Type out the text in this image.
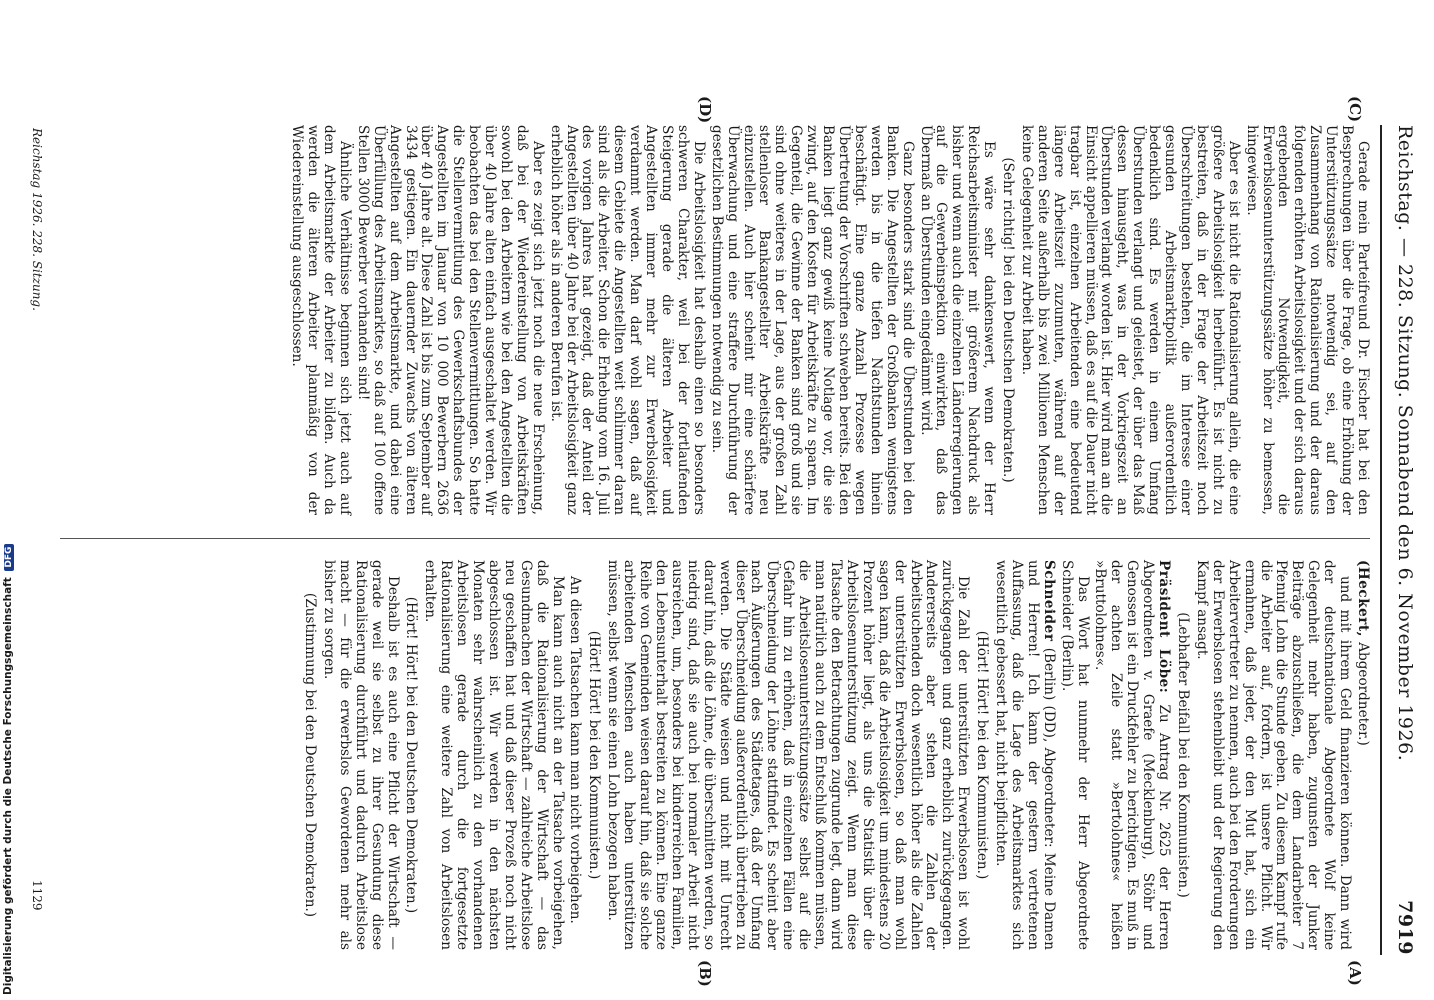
Reichstag. — 228. Sitzung. Sonnabend den 6. November 1926.
7919
(A)
(B)
(C)
(D)

(Heckert, Abgeordneter.)

und mit ihrem Geld finanzieren können. Dann wird der deutschnationale Abgeordnete Wolf keine Gelegenheit mehr haben, zugunsten der Junker Beiträge abzuschließen, die dem Landarbeiter 7 Pfennig Lohn die Stunde geben. Zu diesem Kampf rufe die Arbeiter auf, fordern, ist unsere Pflicht. Wir ermahnen, daß jeder, der den Mut hat, sich ein Arbeitervertreter zu nennen, auch bei den Forderungen der Erwerbslosen stehenbleibt und der Regierung den Kampf ansagt.

(Lebhafter Beifall bei den Kommunisten.)

Präsident Löbe: Zu Antrag Nr. 2625 der Herren Abgeordneten v. Graefe (Mecklenburg), Stöhr und Genossen ist ein Druckfehler zu berichtigen. Es muß in der achten Zeile statt »Bertolohnes« heißen »Bruttolohnes«.

Das Wort hat nunmehr der Herr Abgeordnete Schneider (Berlin).

Schneider (Berlin) (DD), Abgeordneter: Meine Damen und Herren! Ich kann der gestern vertretenen Auffassung, daß die Lage des Arbeitsmarktes sich wesentlich gebessert hat, nicht beipflichten.

(Hört! Hört! bei den Kommunisten.)

Die Zahl der unterstützten Erwerbslosen ist wohl zurückgegangen und ganz erheblich zurückgegangen. Andererseits aber stehen die Zahlen der Arbeitsuchenden doch wesentlich höher als die Zahlen der unterstützten Erwerbslosen, so daß man wohl sagen kann, daß die Arbeitslosigkeit um mindestens 20 Prozent höher liegt, als uns die Statistik über die Arbeitslosenunterstützung zeigt. Wenn man diese Tatsache den Betrachtungen zugrunde legt, dann wird man natürlich auch zu dem Entschluß kommen müssen, die Arbeitslosenunterstützungssätze selbst auf die Gefahr hin zu erhöhen, daß in einzelnen Fällen eine Überschneidung der Löhne stattfindet. Es scheint aber nach Äußerungen des Städtetages, daß der Umfang dieser Überschneidung außerordentlich übertrieben zu werden. Die Städte weisen und nicht mit Unrecht darauf hin, daß die Löhne, die überschnitten werden, so niedrig sind, daß sie auch bei normaler Arbeit nicht ausreichen, um, besonders bei kinderreichen Familien, den Lebensunterhalt bestreiten zu können. Eine ganze Reihe von Gemeinden weisen darauf hin, daß sie solche arbeitenden Menschen auch haben unterstützen müssen, selbst wenn sie einen Lohn bezogen haben.

(Hört! Hört! bei den Kommunisten.)

An diesen Tatsachen kann man nicht vorbeigehen.

Man kann auch nicht an der Tatsache vorbeigehen, daß die Rationalisierung der Wirtschaft — das Gesundmachen der Wirtschaft — zahlreiche Arbeitslose neu geschaffen hat und daß dieser Prozeß noch nicht abgeschlossen ist. Wir werden in den nächsten Monaten sehr wahrscheinlich zu den vorhandenen Arbeitslosen gerade durch die fortgesetzte Rationalisierung eine weitere Zahl von Arbeitslosen erhalten.

(Hört! Hört! bei den Deutschen Demokraten.)

Deshalb ist es auch eine Pflicht der Wirtschaft — gerade weil sie selbst zu ihrer Gesundung diese Rationalisierung durchführt und dadurch Arbeitslose macht — für die erwerbslos Gewordenen mehr als bisher zu sorgen.

(Zustimmung bei den Deutschen Demokraten.)

Gerade mein Parteifreund Dr. Fischer hat bei den Besprechungen über die Frage, ob eine Erhöhung der Unterstützungssätze notwendig sei, auf den Zusammenhang von Rationalisierung und der daraus folgenden erhöhten Arbeitslosigkeit und der sich daraus ergebenden Notwendigkeit, die Erwerbslosenunterstützungssätze höher zu bemessen, hingewiesen.

Aber es ist nicht die Rationalisierung allein, die eine größere Arbeitslosigkeit herbeiführt. Es ist nicht zu bestreiten, daß in der Frage der Arbeitszeit noch Überschreitungen bestehen, die im Interesse einer gesunden Arbeitsmarktpolitik außerordentlich bedenklich sind. Es werden in einem Umfang Überstunden verlangt und geleistet, der über das Maß dessen hinausgeht, was in der Vorkriegszeit an Überstunden verlangt worden ist. Hier wird man an die Einsicht appellieren müssen, daß es auf die Dauer nicht tragbar ist, einzelnen Arbeitenden eine bedeutend längere Arbeitszeit zuzumuten, während auf der anderen Seite außerhalb bis zwei Millionen Menschen keine Gelegenheit zur Arbeit haben.

(Sehr richtig! bei den Deutschen Demokraten.)

Es wäre sehr dankenswert, wenn der Herr Reichsarbeitsminister mit größerem Nachdruck als bisher und wenn auch die einzelnen Länderregierungen auf die Gewerbeinspektion einwirkten, daß das Übermaß an Überstunden eingedämmt wird.

Ganz besonders stark sind die Überstunden bei den Banken. Die Angestellten der Großbanken wenigstens werden bis in die tiefen Nachtstunden hinein beschäftigt. Eine ganze Anzahl Prozesse wegen Übertretung der Vorschriften schweben bereits. Bei den Banken liegt ganz gewiß keine Notlage vor, die sie zwingt, auf den Kosten für Arbeitskräfte zu sparen. Im Gegenteil, die Gewinne der Banken sind groß und sie sind ohne weiteres in der Lage, aus der großen Zahl stellenloser Bankangestellter Arbeitskräfte neu einzustellen. Auch hier scheint mir eine schärfere Überwachung und eine straffere Durchführung der gesetzlichen Bestimmungen notwendig zu sein.

Die Arbeitslosigkeit hat deshalb einen so besonders schweren Charakter, weil bei der fortlaufenden Steigerung gerade die älteren Arbeiter und Angestellten immer mehr zur Erwerbslosigkeit verdammt werden. Man darf wohl sagen, daß auf diesem Gebiete die Angestellten weit schlimmer daran sind als die Arbeiter. Schon die Erhebung vom 16. Juli des vorigen Jahres hat gezeigt, daß der Anteil der Angestellten über 40 Jahre bei der Arbeitslosigkeit ganz erheblich höher als in anderen Berufen ist.

Aber es zeigt sich jetzt noch die neue Erscheinung, daß bei der Wiedereinstellung von Arbeitskräften sowohl bei den Arbeitern wie bei den Angestellten die über 40 Jahre alten einfach ausgeschaltet werden. Wir beobachten das bei den Stellenvermittlungen. So hatte die Stellenvermittlung des Gewerkschaftsbundes der Angestellten im Januar von 10 000 Bewerbern 2636 über 40 Jahre alt. Diese Zahl ist bis zum September auf 3434 gestiegen. Ein dauernder Zuwachs von älteren Angestellten auf dem Arbeitsmarkte, und dabei eine Überfüllung des Arbeitsmarktes, so daß auf 100 offene Stellen 3000 Bewerber vorhanden sind!

Ähnliche Verhältnisse beginnen sich jetzt auch auf dem Arbeitsmarkte der Arbeiter zu bilden. Auch da werden die älteren Arbeiter planmäßig von der Wiedereinstellung ausgeschlossen.

Reichstag 1926. 228. Sitzung.
1129
Digitalisierung gefördert durch die Deutsche Forschungsgemeinschaft DFG
